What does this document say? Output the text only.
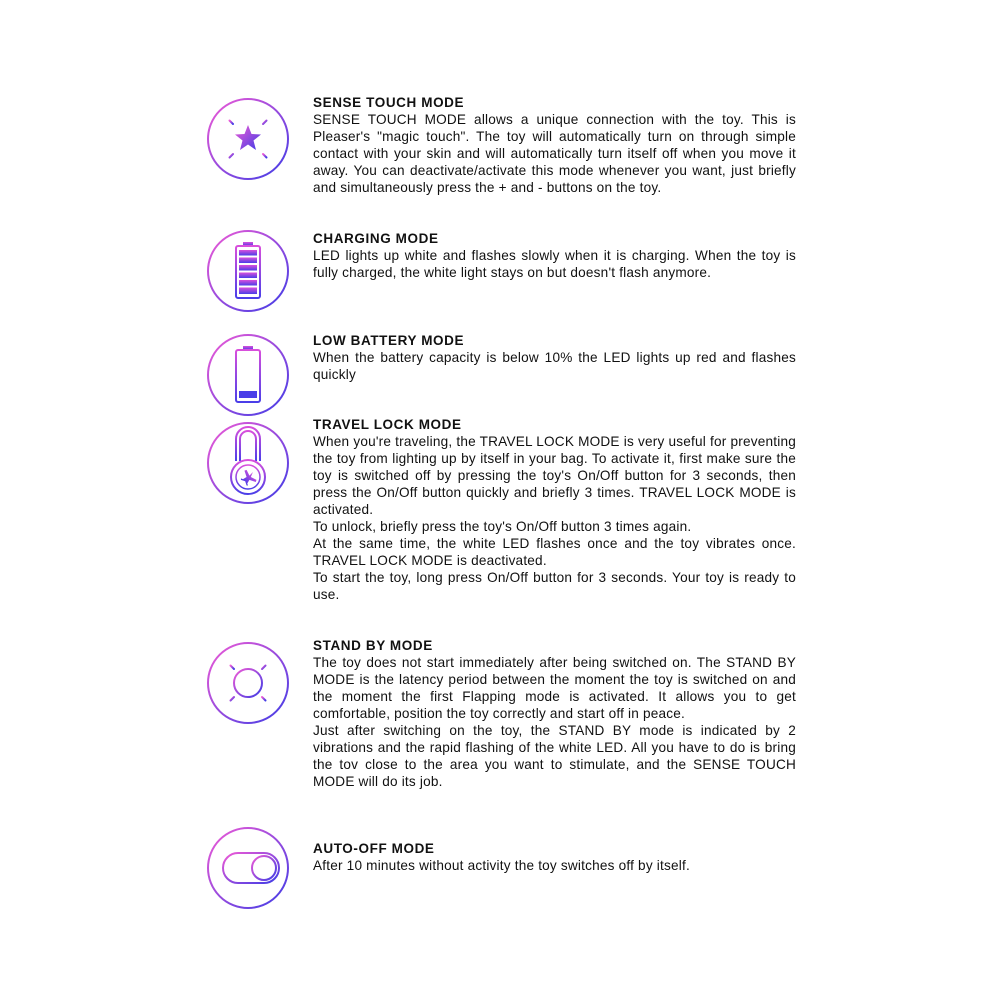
SENSE TOUCH MODE

SENSE TOUCH MODE allows a unique connection with the toy. This is Pleaser's "magic touch". The toy will automatically turn on through simple contact with your skin and will automatically turn itself off when you move it away. You can deactivate/activate this mode whenever you want, just briefly and simultaneously press the + and - buttons on the toy.

CHARGING MODE

LED lights up white and flashes slowly when it is charging. When the toy is fully charged, the white light stays on but doesn't flash anymore.

LOW BATTERY MODE

When the battery capacity is below 10% the LED lights up red and flashes quickly

TRAVEL LOCK MODE

When you're traveling, the TRAVEL LOCK MODE is very useful for preventing the toy from lighting up by itself in your bag. To activate it, first make sure the toy is switched off by pressing the toy's On/Off button for 3 seconds, then press the On/Off button quickly and briefly 3 times. TRAVEL LOCK MODE is activated.

To unlock, briefly press the toy's On/Off button 3 times again.

At the same time, the white LED flashes once and the toy vibrates once. TRAVEL LOCK MODE is deactivated.

To start the toy, long press On/Off button for 3 seconds. Your toy is ready to use.

STAND BY MODE

The toy does not start immediately after being switched on. The STAND BY MODE is the latency period between the moment the toy is switched on and the moment the first Flapping mode is activated. It allows you to get comfortable, position the toy correctly and start off in peace.

Just after switching on the toy, the STAND BY mode is indicated by 2 vibrations and the rapid flashing of the white LED. All you have to do is bring the tov close to the area you want to stimulate, and the SENSE TOUCH MODE will do its job.

AUTO-OFF MODE

After 10 minutes without activity the toy switches off by itself.
